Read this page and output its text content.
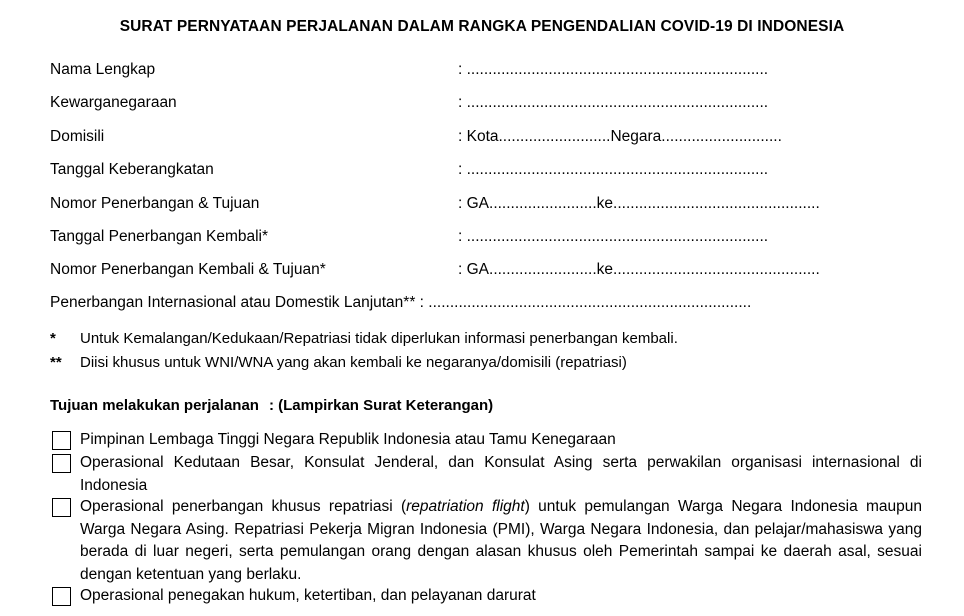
SURAT PERNYATAAN PERJALANAN DALAM RANGKA PENGENDALIAN COVID-19 DI INDONESIA
Nama Lengkap	: ......................................................................
Kewarganegaraan	: ......................................................................
Domisili	: Kota..........................Negara............................
Tanggal Keberangkatan	: ......................................................................
Nomor Penerbangan & Tujuan	: GA.........................ke................................................
Tanggal Penerbangan Kembali*	: ......................................................................
Nomor Penerbangan Kembali & Tujuan*	: GA.........................ke................................................
Penerbangan Internasional atau Domestik Lanjutan** : ...........................................................................
* Untuk Kemalangan/Kedukaan/Repatriasi tidak diperlukan informasi penerbangan kembali.
** Diisi khusus untuk WNI/WNA yang akan kembali ke negaranya/domisili (repatriasi)
Tujuan melakukan perjalanan : (Lampirkan Surat Keterangan)
Pimpinan Lembaga Tinggi Negara Republik Indonesia atau Tamu Kenegaraan
Operasional Kedutaan Besar, Konsulat Jenderal, dan Konsulat Asing serta perwakilan organisasi internasional di Indonesia
Operasional penerbangan khusus repatriasi (repatriation flight) untuk pemulangan Warga Negara Indonesia maupun Warga Negara Asing. Repatriasi Pekerja Migran Indonesia (PMI), Warga Negara Indonesia, dan pelajar/mahasiswa yang berada di luar negeri, serta pemulangan orang dengan alasan khusus oleh Pemerintah sampai ke daerah asal, sesuai dengan ketentuan yang berlaku.
Operasional penegakan hukum, ketertiban, dan pelayanan darurat
